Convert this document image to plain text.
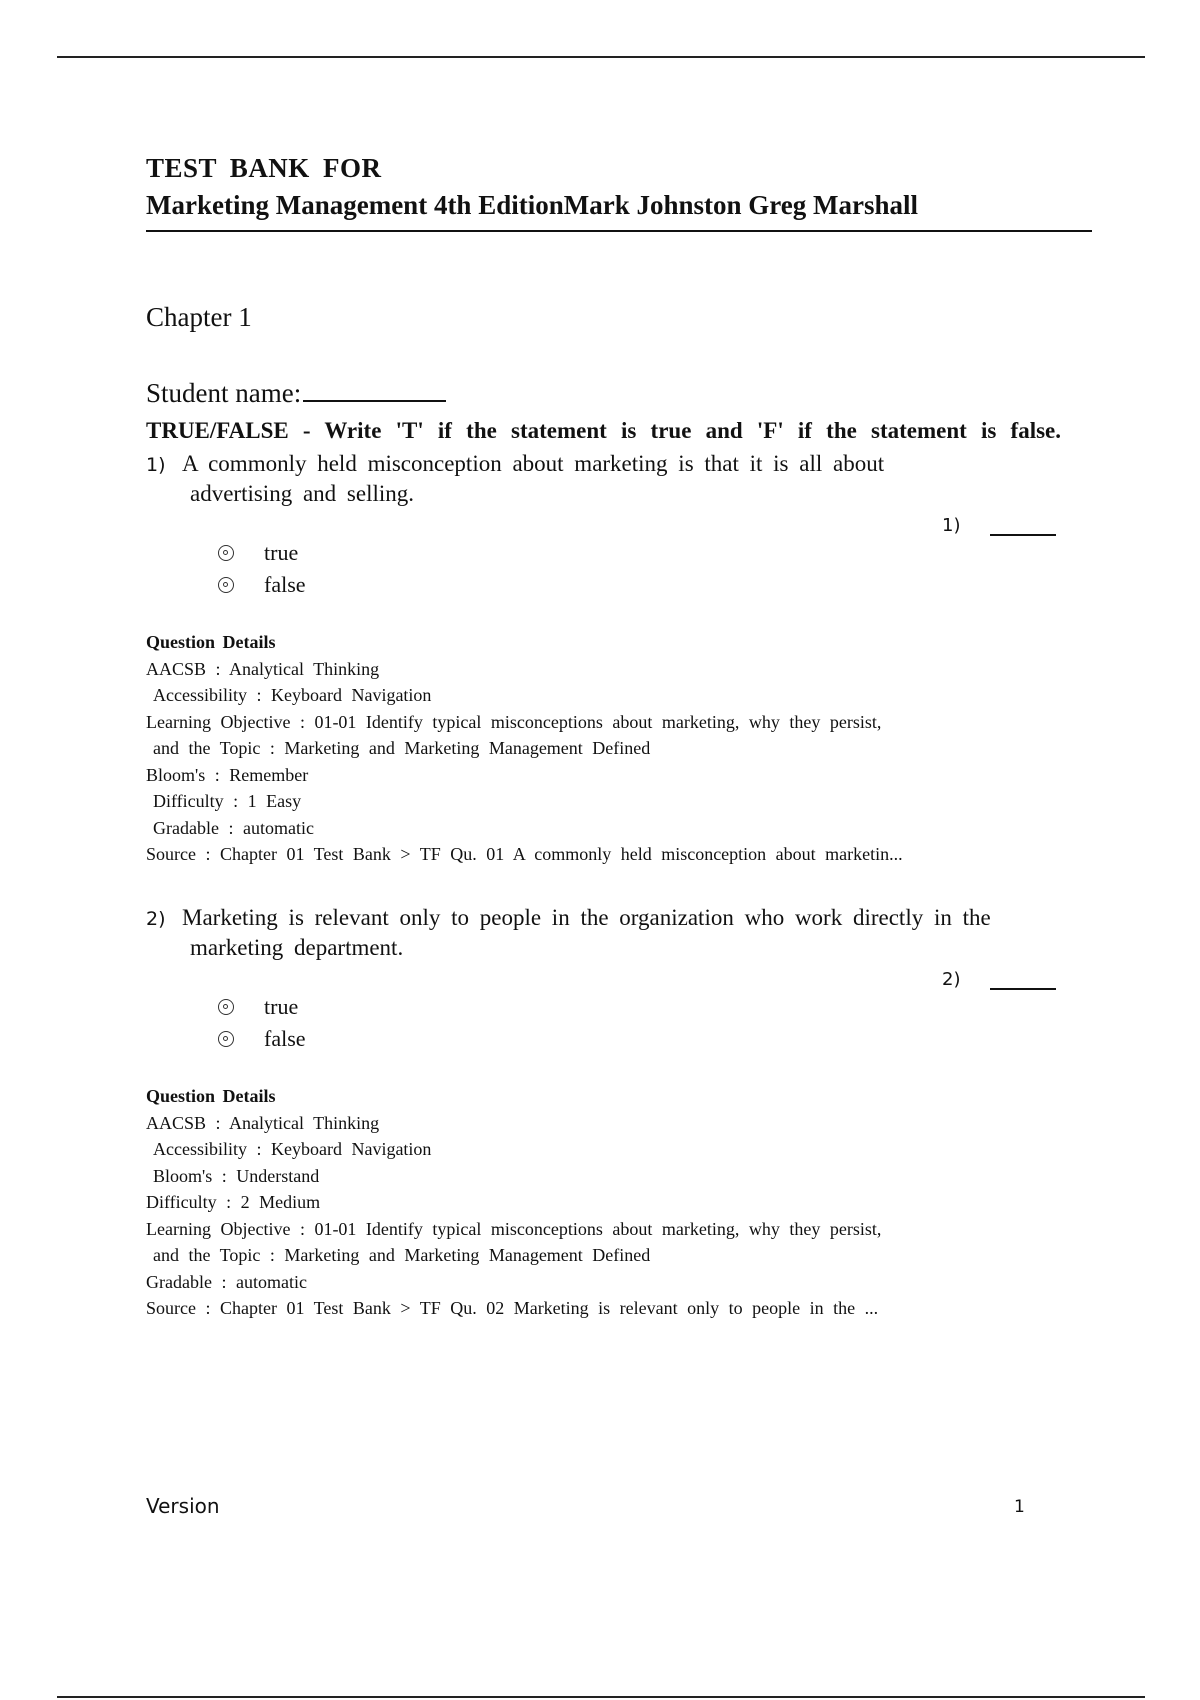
TEST BANK FOR
Marketing Management 4th EditionMark Johnston Greg Marshall
Chapter 1
Student name:
TRUE/FALSE - Write 'T' if the statement is true and 'F' if the statement is false.
1) A commonly held misconception about marketing is that it is all about
advertising and selling.
1)
true
false
Question Details
AACSB : Analytical Thinking
Accessibility : Keyboard Navigation
Learning Objective : 01-01 Identify typical misconceptions about marketing, why they persist,
and the Topic : Marketing and Marketing Management Defined
Bloom's : Remember
Difficulty : 1 Easy
Gradable : automatic
Source : Chapter 01 Test Bank > TF Qu. 01 A commonly held misconception about marketin...
2) Marketing is relevant only to people in the organization who work directly in the
marketing department.
2)
true
false
Question Details
AACSB : Analytical Thinking
Accessibility : Keyboard Navigation
Bloom's : Understand
Difficulty : 2 Medium
Learning Objective : 01-01 Identify typical misconceptions about marketing, why they persist,
and the Topic : Marketing and Marketing Management Defined
Gradable : automatic
Source : Chapter 01 Test Bank > TF Qu. 02 Marketing is relevant only to people in the ...
Version	1
